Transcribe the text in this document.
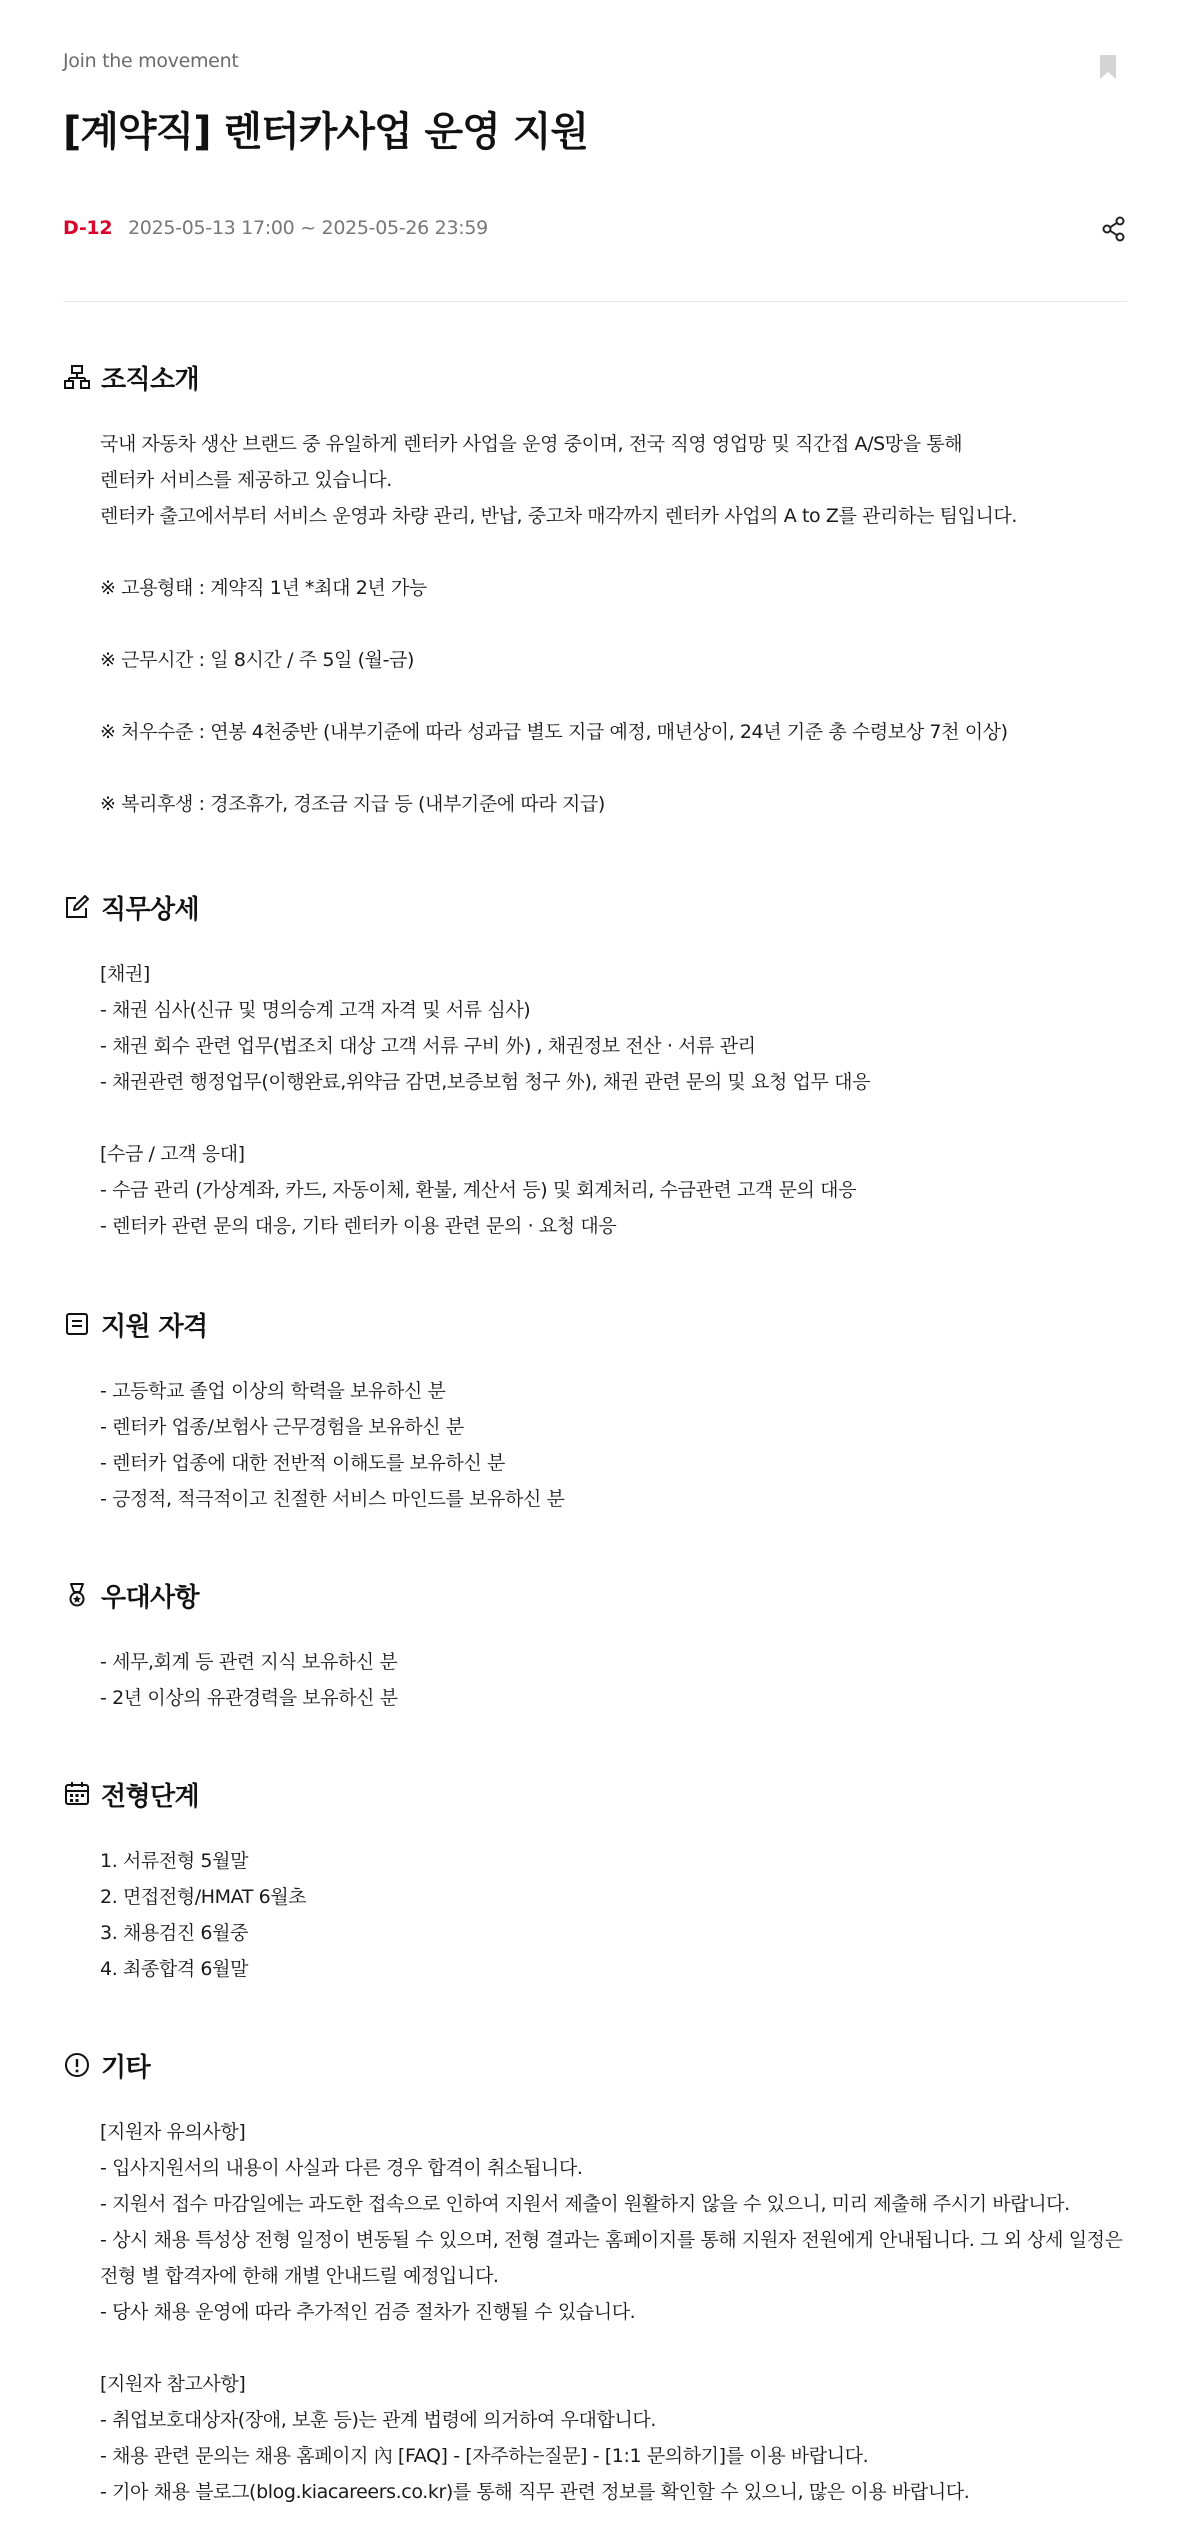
Join the movement
[계약직] 렌터카사업 운영 지원
D-12 2025-05-13 17:00 ~ 2025-05-26 23:59
조직소개
국내 자동차 생산 브랜드 중 유일하게 렌터카 사업을 운영 중이며, 전국 직영 영업망 및 직간접 A/S망을 통해
렌터카 서비스를 제공하고 있습니다.
렌터카 출고에서부터 서비스 운영과 차량 관리, 반납, 중고차 매각까지 렌터카 사업의 A to Z를 관리하는 팀입니다.
※ 고용형태 : 계약직 1년 *최대 2년 가능
※ 근무시간 : 일 8시간 / 주 5일 (월-금)
※ 처우수준 : 연봉 4천중반 (내부기준에 따라 성과급 별도 지급 예정, 매년상이, 24년 기준 총 수령보상 7천 이상)
※ 복리후생 : 경조휴가, 경조금 지급 등 (내부기준에 따라 지급)
직무상세
[채권]
- 채권 심사(신규 및 명의승계 고객 자격 및 서류 심사)
- 채권 회수 관련 업무(법조치 대상 고객 서류 구비 外) , 채권정보 전산 · 서류 관리
- 채권관련 행정업무(이행완료,위약금 감면,보증보험 청구 外), 채권 관련 문의 및 요청 업무 대응
[수금 / 고객 응대]
- 수금 관리 (가상계좌, 카드, 자동이체, 환불, 계산서 등) 및 회계처리, 수금관련 고객 문의 대응
- 렌터카 관련 문의 대응, 기타 렌터카 이용 관련 문의 · 요청 대응
지원 자격
- 고등학교 졸업 이상의 학력을 보유하신 분
- 렌터카 업종/보험사 근무경험을 보유하신 분
- 렌터카 업종에 대한 전반적 이해도를 보유하신 분
- 긍정적, 적극적이고 친절한 서비스 마인드를 보유하신 분
우대사항
- 세무,회계 등 관련 지식 보유하신 분
- 2년 이상의 유관경력을 보유하신 분
전형단계
1. 서류전형 5월말
2. 면접전형/HMAT 6월초
3. 채용검진 6월중
4. 최종합격 6월말
기타
[지원자 유의사항]
- 입사지원서의 내용이 사실과 다른 경우 합격이 취소됩니다.
- 지원서 접수 마감일에는 과도한 접속으로 인하여 지원서 제출이 원활하지 않을 수 있으니, 미리 제출해 주시기 바랍니다.
- 상시 채용 특성상 전형 일정이 변동될 수 있으며, 전형 결과는 홈페이지를 통해 지원자 전원에게 안내됩니다. 그 외 상세 일정은
전형 별 합격자에 한해 개별 안내드릴 예정입니다.
- 당사 채용 운영에 따라 추가적인 검증 절차가 진행될 수 있습니다.
[지원자 참고사항]
- 취업보호대상자(장애, 보훈 등)는 관계 법령에 의거하여 우대합니다.
- 채용 관련 문의는 채용 홈페이지 內 [FAQ] - [자주하는질문] - [1:1 문의하기]를 이용 바랍니다.
- 기아 채용 블로그(blog.kiacareers.co.kr)를 통해 직무 관련 정보를 확인할 수 있으니, 많은 이용 바랍니다.
